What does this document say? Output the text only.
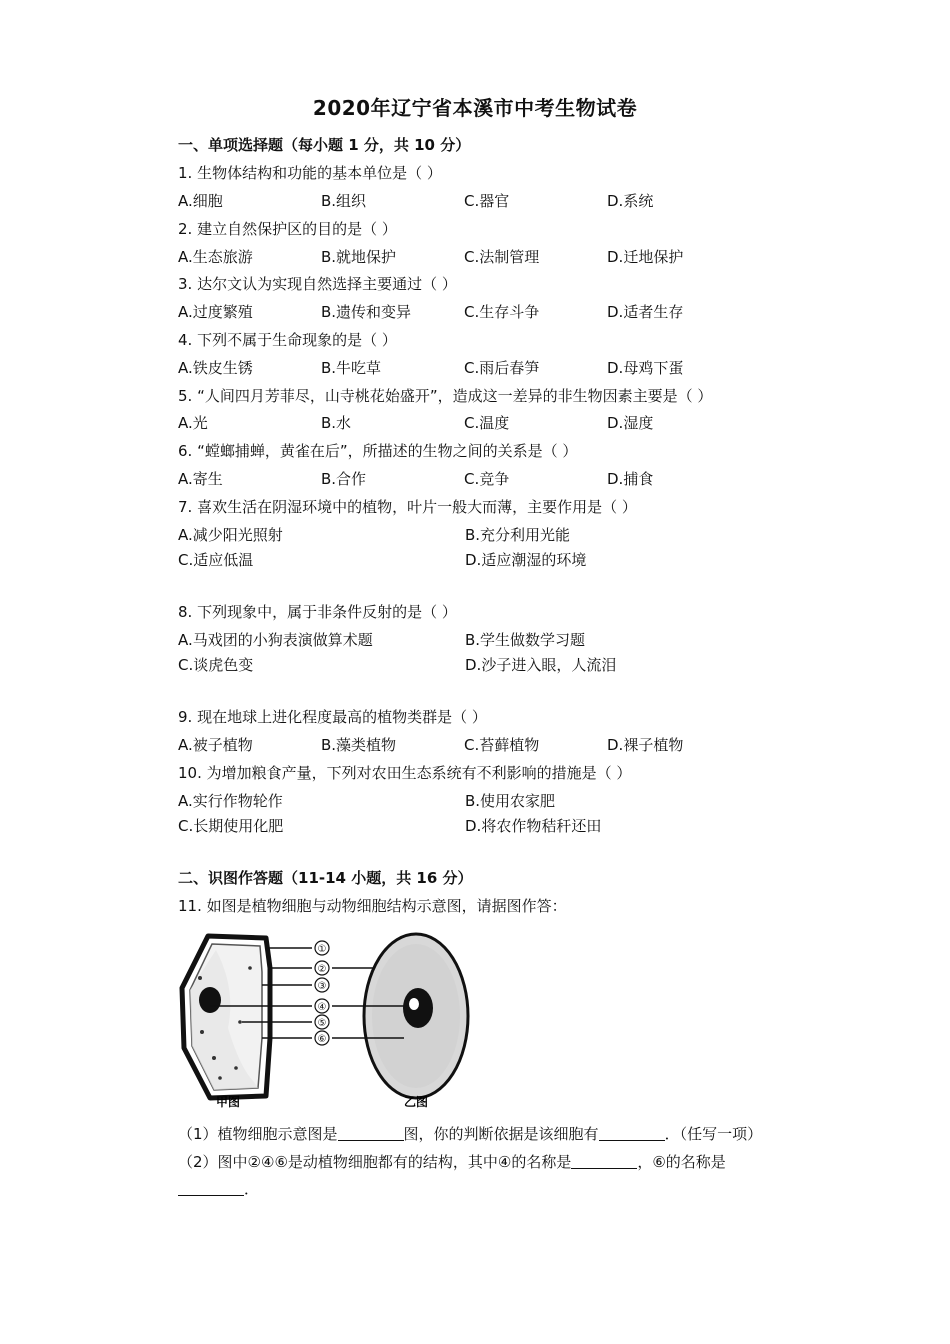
2020年辽宁省本溪市中考生物试卷
一、单项选择题（每小题 1 分，共 10 分）
1. 生物体结构和功能的基本单位是（ ）
A.细胞	B.组织	C.器官	D.系统
2. 建立自然保护区的目的是（ ）
A.生态旅游	B.就地保护	C.法制管理	D.迁地保护
3. 达尔文认为实现自然选择主要通过（ ）
A.过度繁殖	B.遗传和变异	C.生存斗争	D.适者生存
4. 下列不属于生命现象的是（ ）
A.铁皮生锈	B.牛吃草	C.雨后春笋	D.母鸡下蛋
5. “人间四月芳菲尽，山寺桃花始盛开”，造成这一差异的非生物因素主要是（ ）
A.光	B.水	C.温度	D.湿度
6. “螳螂捕蝉，黄雀在后”，所描述的生物之间的关系是（ ）
A.寄生	B.合作	C.竞争	D.捕食
7. 喜欢生活在阴湿环境中的植物，叶片一般大而薄，主要作用是（ ）
A.减少阳光照射	B.充分利用光能
C.适应低温	D.适应潮湿的环境
8. 下列现象中，属于非条件反射的是（ ）
A.马戏团的小狗表演做算术题	B.学生做数学习题
C.谈虎色变	D.沙子进入眼，人流泪
9. 现在地球上进化程度最高的植物类群是（ ）
A.被子植物	B.藻类植物	C.苔藓植物	D.裸子植物
10. 为增加粮食产量，下列对农田生态系统有不利影响的措施是（ ）
A.实行作物轮作	B.使用农家肥
C.长期使用化肥	D.将农作物秸秆还田
二、识图作答题（11-14 小题，共 16 分）
11. 如图是植物细胞与动物细胞结构示意图，请据图作答：
①
②
③
④
⑤
⑥
甲图	乙图
（1）植物细胞示意图是	图，你的判断依据是该细胞有	．（任写一项）
（2）图中②④⑥是动植物细胞都有的结构，其中④的名称是	，⑥的名称是
．
